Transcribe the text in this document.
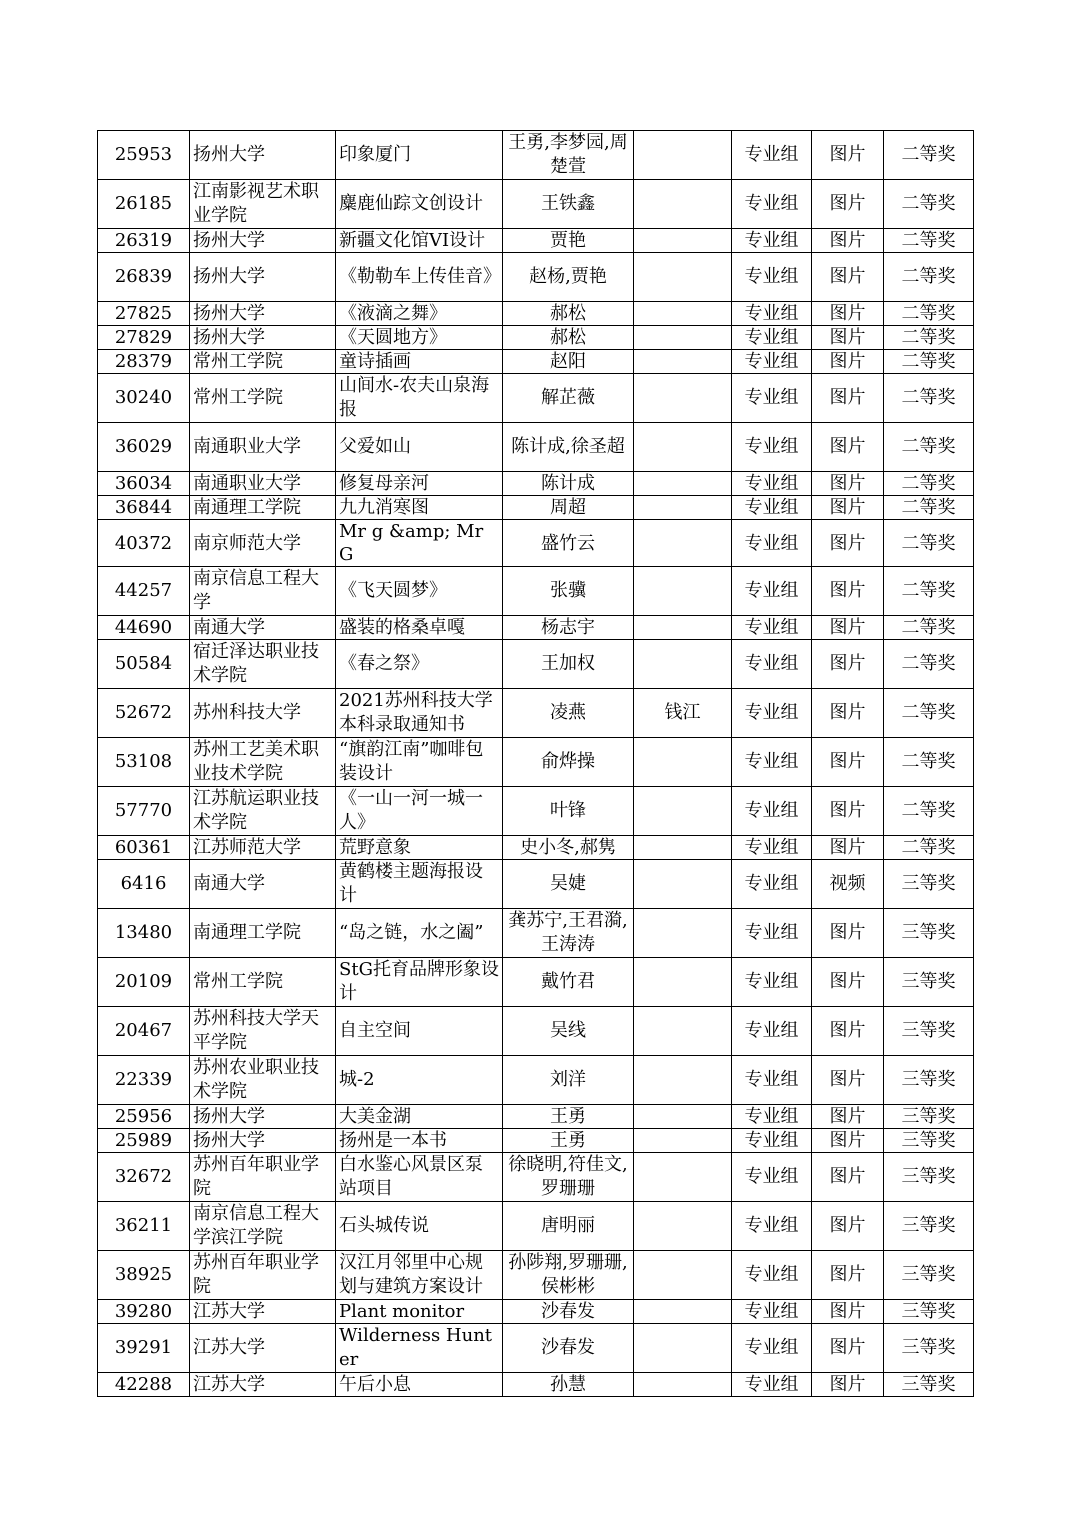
25953	扬州大学	印象厦门	王勇,李梦园,周楚萱		专业组	图片	二等奖
26185	江南影视艺术职业学院	麋鹿仙踪文创设计	王铁鑫		专业组	图片	二等奖
26319	扬州大学	新疆文化馆VI设计	贾艳		专业组	图片	二等奖
26839	扬州大学	《勒勒车上传佳音》	赵杨,贾艳		专业组	图片	二等奖
27825	扬州大学	《液滴之舞》	郝松		专业组	图片	二等奖
27829	扬州大学	《天圆地方》	郝松		专业组	图片	二等奖
28379	常州工学院	童诗插画	赵阳		专业组	图片	二等奖
30240	常州工学院	山间水-农夫山泉海报	解芷薇		专业组	图片	二等奖
36029	南通职业大学	父爱如山	陈计成,徐圣超		专业组	图片	二等奖
36034	南通职业大学	修复母亲河	陈计成		专业组	图片	二等奖
36844	南通理工学院	九九消寒图	周超		专业组	图片	二等奖
40372	南京师范大学	Mr g &amp; Mr G	盛竹云		专业组	图片	二等奖
44257	南京信息工程大学	《飞天圆梦》	张骥		专业组	图片	二等奖
44690	南通大学	盛装的格桑卓嘎	杨志宇		专业组	图片	二等奖
50584	宿迁泽达职业技术学院	《春之祭》	王加权		专业组	图片	二等奖
52672	苏州科技大学	2021苏州科技大学本科录取通知书	凌燕	钱江	专业组	图片	二等奖
53108	苏州工艺美术职业技术学院	“旗韵江南”咖啡包装设计	俞烨操		专业组	图片	二等奖
57770	江苏航运职业技术学院	《一山一河一城一人》	叶锋		专业组	图片	二等奖
60361	江苏师范大学	荒野意象	史小冬,郝隽		专业组	图片	二等奖
6416	南通大学	黄鹤楼主题海报设计	吴婕		专业组	视频	三等奖
13480	南通理工学院	“岛之链，水之阖”	龚苏宁,王君漪,王涛涛		专业组	图片	三等奖
20109	常州工学院	StG托育品牌形象设计	戴竹君		专业组	图片	三等奖
20467	苏州科技大学天平学院	自主空间	吴线		专业组	图片	三等奖
22339	苏州农业职业技术学院	城-2	刘洋		专业组	图片	三等奖
25956	扬州大学	大美金湖	王勇		专业组	图片	三等奖
25989	扬州大学	扬州是一本书	王勇		专业组	图片	三等奖
32672	苏州百年职业学院	白水鉴心风景区泵站项目	徐晓明,符佳文,罗珊珊		专业组	图片	三等奖
36211	南京信息工程大学滨江学院	石头城传说	唐明丽		专业组	图片	三等奖
38925	苏州百年职业学院	汉江月邻里中心规划与建筑方案设计	孙陟翔,罗珊珊,侯彬彬		专业组	图片	三等奖
39280	江苏大学	Plant monitor	沙春发		专业组	图片	三等奖
39291	江苏大学	Wilderness Hunter	沙春发		专业组	图片	三等奖
42288	江苏大学	午后小息	孙慧		专业组	图片	三等奖
